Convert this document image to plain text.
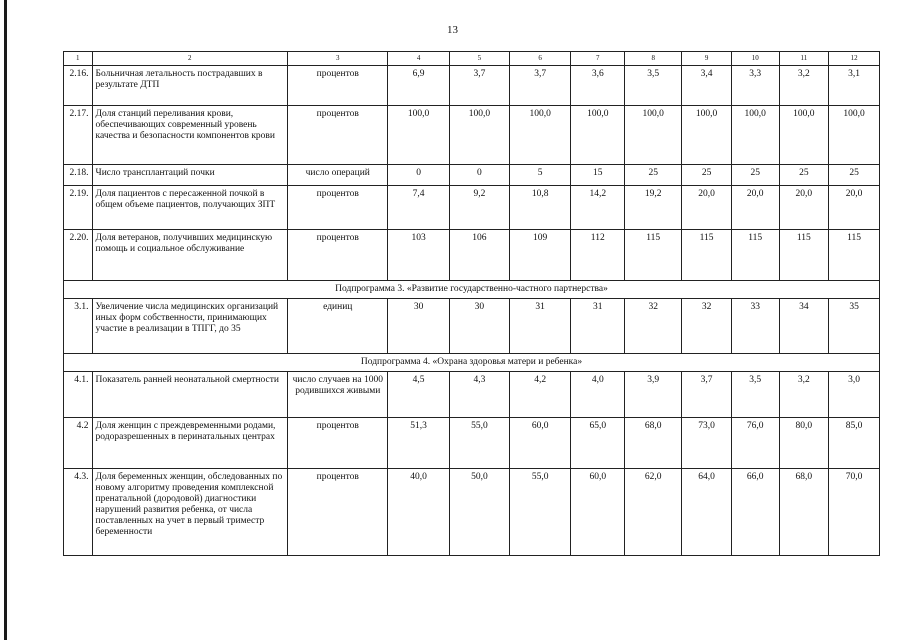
13
1	2	3	4	5	6	7	8	9	10	11	12
2.16.	Больничная летальность пострадавших в результате ДТП	процентов	6,9	3,7	3,7	3,6	3,5	3,4	3,3	3,2	3,1
2.17.	Доля станций переливания крови, обеспечивающих современный уровень качества и безопасности компонентов крови	процентов	100,0	100,0	100,0	100,0	100,0	100,0	100,0	100,0	100,0
2.18.	Число трансплантаций почки	число операций	0	0	5	15	25	25	25	25	25
2.19.	Доля пациентов с пересаженной почкой в общем объеме пациентов, получающих ЗПТ	процентов	7,4	9,2	10,8	14,2	19,2	20,0	20,0	20,0	20,0
2.20.	Доля ветеранов, получивших медицинскую помощь и социальное обслуживание	процентов	103	106	109	112	115	115	115	115	115
Подпрограмма 3. «Развитие государственно-частного партнерства»											
3.1.	Увеличение числа медицинских организаций иных форм собственности, принимающих участие в реализации в ТПГГ, до 35	единиц	30	30	31	31	32	32	33	34	35
Подпрограмма 4. «Охрана здоровья матери и ребенка»											
4.1.	Показатель ранней неонатальной смертности	число случаев на 1000 родившихся живыми	4,5	4,3	4,2	4,0	3,9	3,7	3,5	3,2	3,0
4.2	Доля женщин с преждевременными родами, родоразрешенных в перинатальных центрах	процентов	51,3	55,0	60,0	65,0	68,0	73,0	76,0	80,0	85,0
4.3.	Доля беременных женщин, обследованных по новому алгоритму проведения комплексной пренатальной (дородовой) диагностики нарушений развития ребенка, от числа поставленных на учет в первый триместр беременности	процентов	40,0	50,0	55,0	60,0	62,0	64,0	66,0	68,0	70,0
